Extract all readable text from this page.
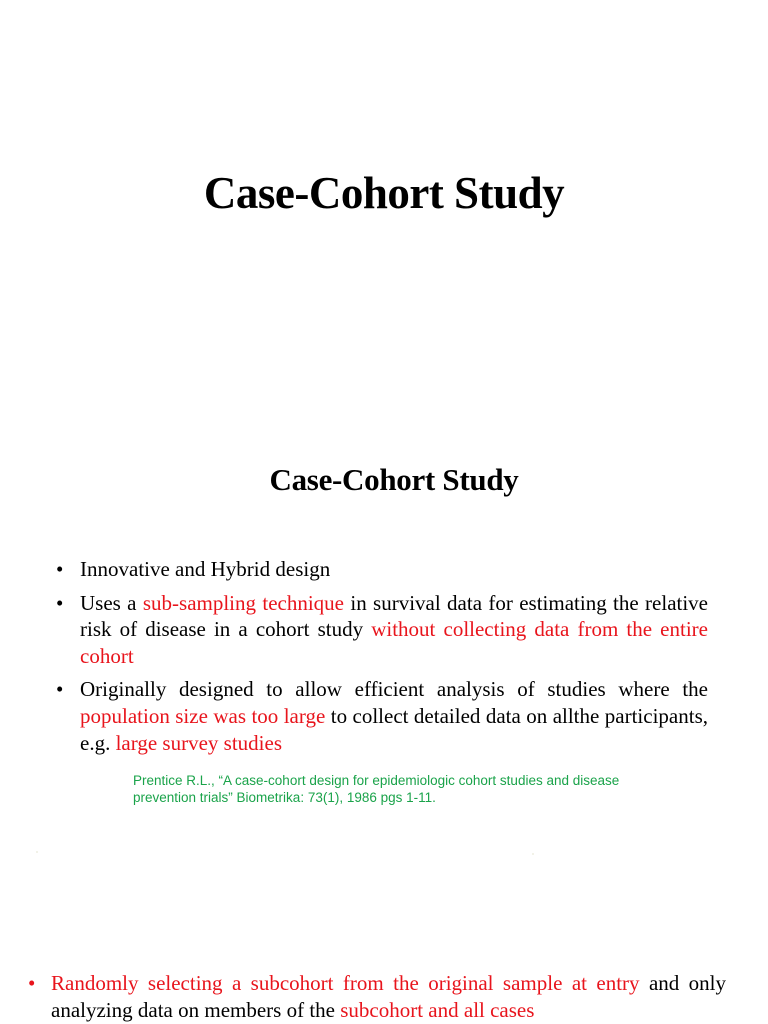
Case-Cohort Study
Case-Cohort Study
• Innovative and Hybrid design
• Uses a sub-sampling technique in survival data for estimating the relative risk of disease in a cohort study without collecting data from the entire cohort
• Originally designed to allow efficient analysis of studies where the population size was too large to collect detailed data on allthe participants, e.g. large survey studies
Prentice R.L., “A case-cohort design for epidemiologic cohort studies and disease prevention trials” Biometrika: 73(1), 1986 pgs 1-11.
• Randomly selecting a subcohort from the original sample at entry and only analyzing data on members of the subcohort and all cases
